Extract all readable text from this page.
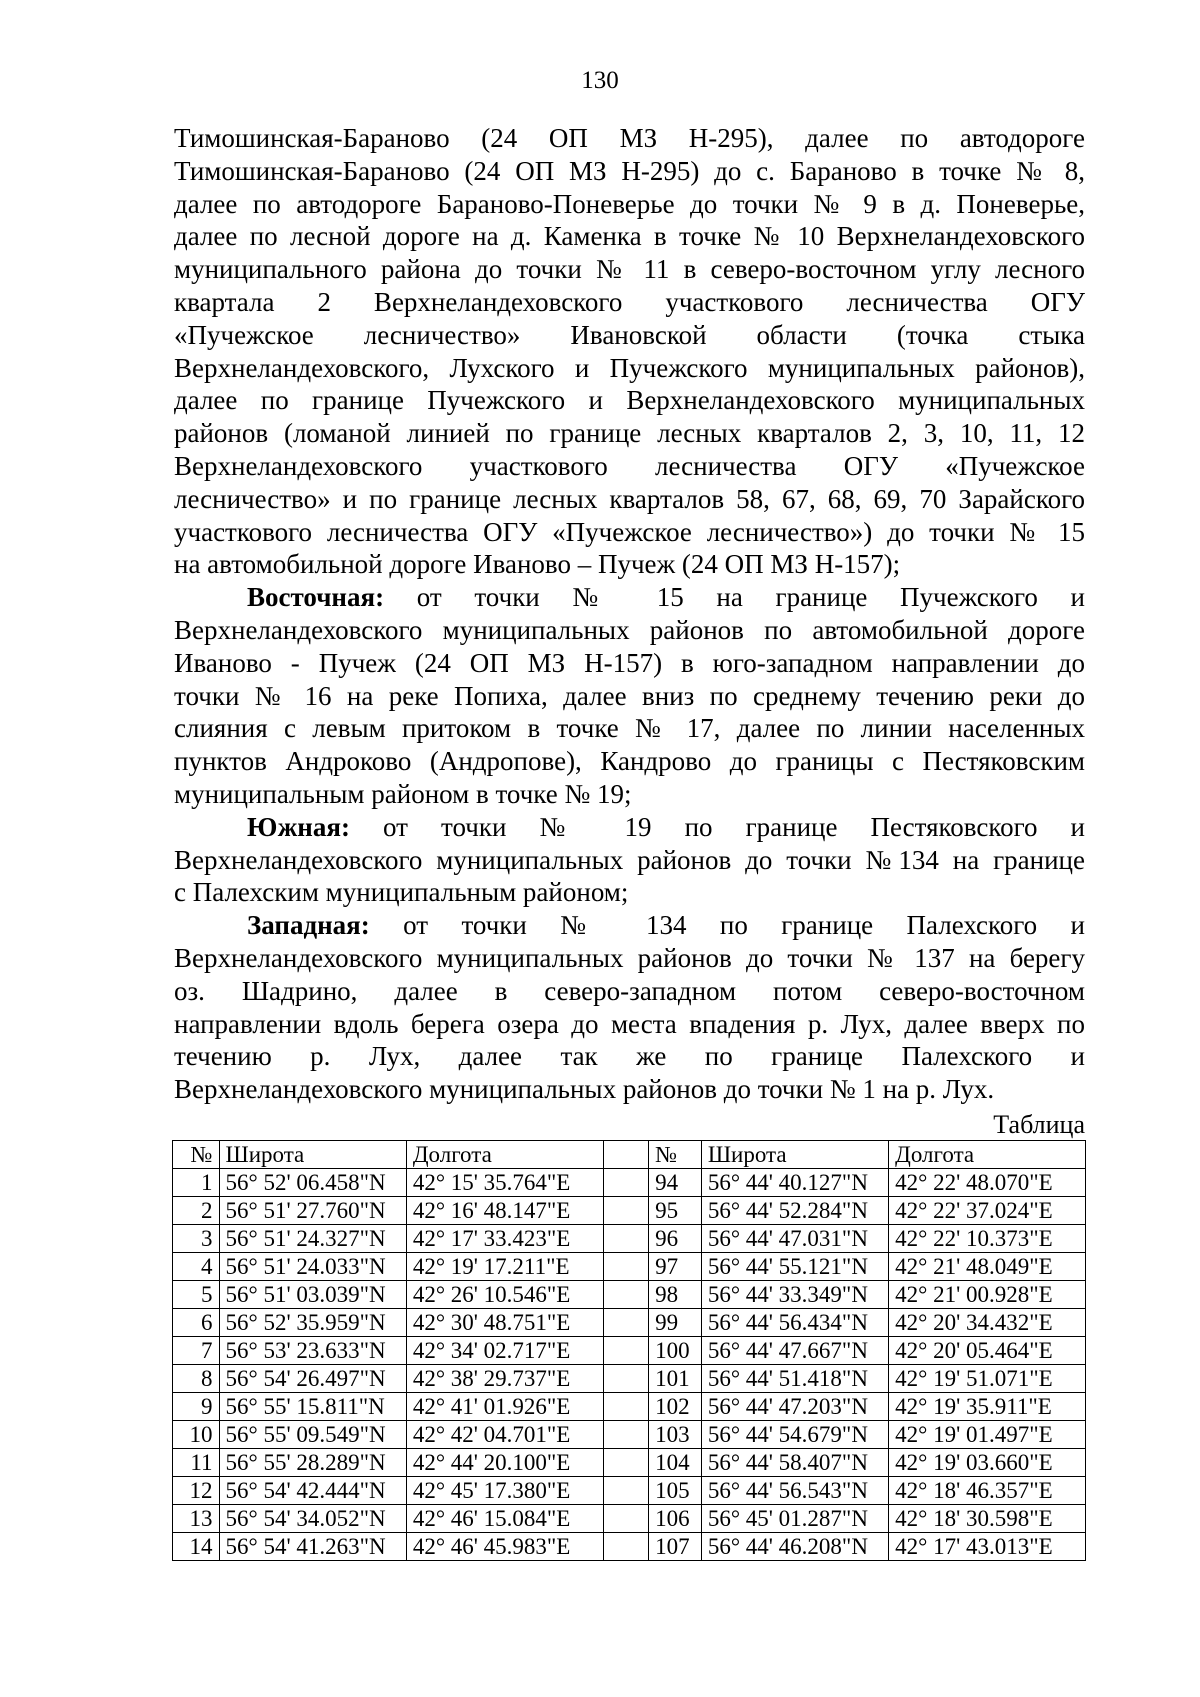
130
Тимошинская-Бараново (24 ОП МЗ Н-295), далее по автодороге
Тимошинская-Бараново (24 ОП МЗ Н-295) до с. Бараново в точке № 8,
далее по автодороге Бараново-Поневерье до точки № 9 в д. Поневерье,
далее по лесной дороге на д. Каменка в точке № 10 Верхнеландеховского
муниципального района до точки № 11 в северо-восточном углу лесного
квартала 2 Верхнеландеховского участкового лесничества ОГУ
«Пучежское лесничество» Ивановской области (точка стыка
Верхнеландеховского, Лухского и Пучежского муниципальных районов),
далее по границе Пучежского и Верхнеландеховского муниципальных
районов (ломаной линией по границе лесных кварталов 2, 3, 10, 11, 12
Верхнеландеховского участкового лесничества ОГУ «Пучежское
лесничество» и по границе лесных кварталов 58, 67, 68, 69, 70 Зарайского
участкового лесничества ОГУ «Пучежское лесничество») до точки № 15
на автомобильной дороге Иваново – Пучеж (24 ОП МЗ Н-157);
Восточная: от точки № 15 на границе Пучежского и
Верхнеландеховского муниципальных районов по автомобильной дороге
Иваново - Пучеж (24 ОП МЗ Н-157) в юго-западном направлении до
точки № 16 на реке Попиха, далее вниз по среднему течению реки до
слияния с левым притоком в точке № 17, далее по линии населенных
пунктов Андроково (Андропове), Кандрово до границы с Пестяковским
муниципальным районом в точке № 19;
Южная: от точки № 19 по границе Пестяковского и
Верхнеландеховского муниципальных районов до точки №134 на границе
с Палехским муниципальным районом;
Западная: от точки № 134 по границе Палехского и
Верхнеландеховского муниципальных районов до точки № 137 на берегу
оз. Шадрино, далее в северо-западном потом северо-восточном
направлении вдоль берега озера до места впадения р. Лух, далее вверх по
течению р. Лух, далее так же по границе Палехского и
Верхнеландеховского муниципальных районов до точки № 1 на р. Лух.
Таблица
№	Широта	Долгота		№	Широта	Долгота
1	56° 52' 06.458"N	42° 15' 35.764"E		94	56° 44' 40.127"N	42° 22' 48.070"E
2	56° 51' 27.760"N	42° 16' 48.147"E		95	56° 44' 52.284"N	42° 22' 37.024"E
3	56° 51' 24.327"N	42° 17' 33.423"E		96	56° 44' 47.031"N	42° 22' 10.373"E
4	56° 51' 24.033"N	42° 19' 17.211"E		97	56° 44' 55.121"N	42° 21' 48.049"E
5	56° 51' 03.039"N	42° 26' 10.546"E		98	56° 44' 33.349"N	42° 21' 00.928"E
6	56° 52' 35.959"N	42° 30' 48.751"E		99	56° 44' 56.434"N	42° 20' 34.432"E
7	56° 53' 23.633"N	42° 34' 02.717"E		100	56° 44' 47.667"N	42° 20' 05.464"E
8	56° 54' 26.497"N	42° 38' 29.737"E		101	56° 44' 51.418"N	42° 19' 51.071"E
9	56° 55' 15.811"N	42° 41' 01.926"E		102	56° 44' 47.203"N	42° 19' 35.911"E
10	56° 55' 09.549"N	42° 42' 04.701"E		103	56° 44' 54.679"N	42° 19' 01.497"E
11	56° 55' 28.289"N	42° 44' 20.100"E		104	56° 44' 58.407"N	42° 19' 03.660"E
12	56° 54' 42.444"N	42° 45' 17.380"E		105	56° 44' 56.543"N	42° 18' 46.357"E
13	56° 54' 34.052"N	42° 46' 15.084"E		106	56° 45' 01.287"N	42° 18' 30.598"E
14	56° 54' 41.263"N	42° 46' 45.983"E		107	56° 44' 46.208"N	42° 17' 43.013"E
